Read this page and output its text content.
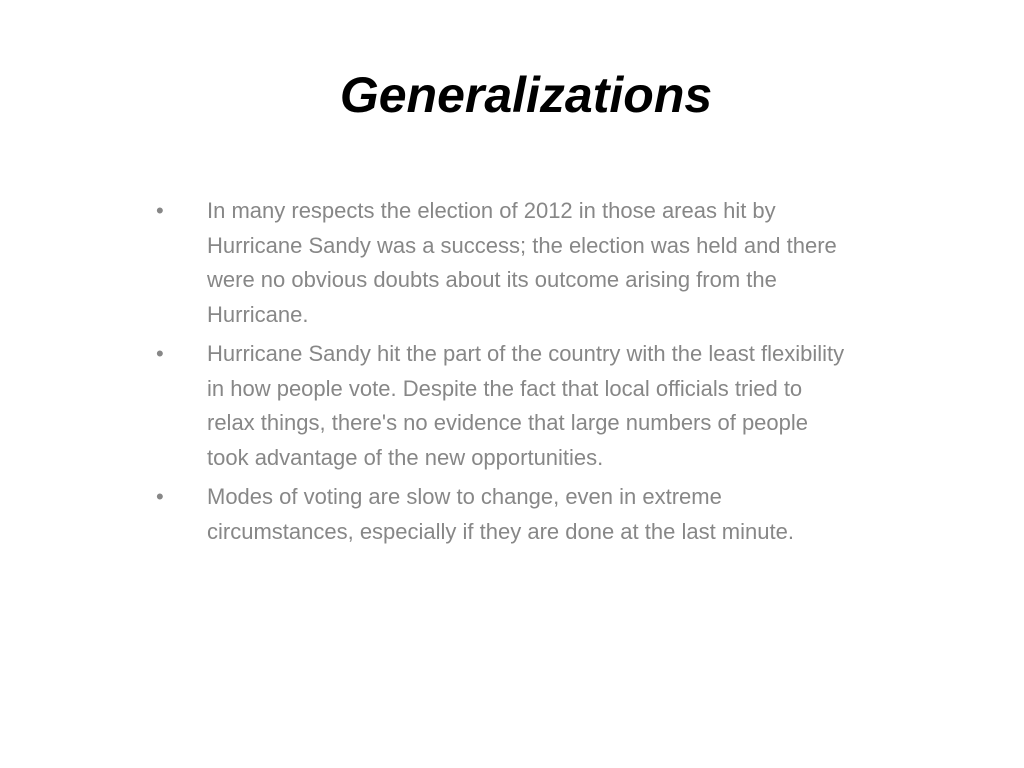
Generalizations
• In many respects the election of 2012 in those areas hit by Hurricane Sandy was a success; the election was held and there were no obvious doubts about its outcome arising from the Hurricane.
• Hurricane Sandy hit the part of the country with the least flexibility in how people vote. Despite the fact that local officials tried to relax things, there's no evidence that large numbers of people took advantage of the new opportunities.
• Modes of voting are slow to change, even in extreme circumstances, especially if they are done at the last minute.
